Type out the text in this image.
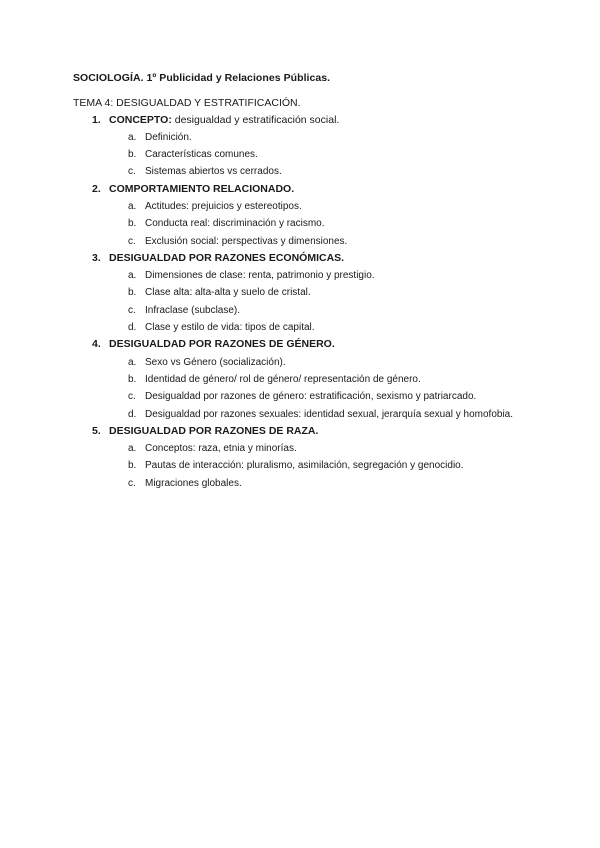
SOCIOLOGÍA. 1º Publicidad y Relaciones Públicas.
TEMA 4: DESIGUALDAD Y ESTRATIFICACIÓN.
1. CONCEPTO: desigualdad y estratificación social.
a. Definición.
b. Características comunes.
c. Sistemas abiertos vs cerrados.
2. COMPORTAMIENTO RELACIONADO.
a. Actitudes: prejuicios y estereotipos.
b. Conducta real: discriminación y racismo.
c. Exclusión social: perspectivas y dimensiones.
3. DESIGUALDAD POR RAZONES ECONÓMICAS.
a. Dimensiones de clase: renta, patrimonio y prestigio.
b. Clase alta: alta-alta y suelo de cristal.
c. Infraclase (subclase).
d. Clase y estilo de vida: tipos de capital.
4. DESIGUALDAD POR RAZONES DE GÉNERO.
a. Sexo vs Género (socialización).
b. Identidad de género/ rol de género/ representación de género.
c. Desigualdad por razones de género: estratificación, sexismo y patriarcado.
d. Desigualdad por razones sexuales: identidad sexual, jerarquía sexual y homofobia.
5. DESIGUALDAD POR RAZONES DE RAZA.
a. Conceptos: raza, etnia y minorías.
b. Pautas de interacción: pluralismo, asimilación, segregación y genocidio.
c. Migraciones globales.
